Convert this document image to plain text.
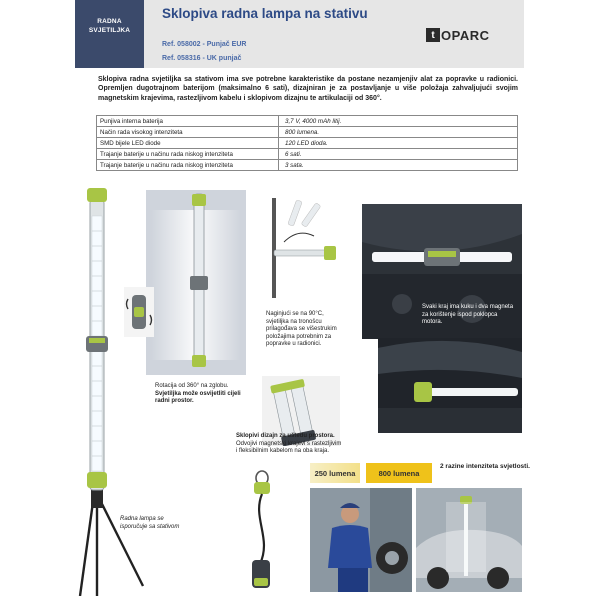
RADNA
SVJETILJKA
Sklopiva radna lampa na stativu
Ref. 058002 - Punjač EUR
Ref. 058316 - UK punjač
t OPARC

Sklopiva radna svjetiljka sa stativom ima sve potrebne karakteristike da postane nezamjenjiv alat za popravke u radionici. Opremljen dugotrajnom baterijom (maksimalno 6 sati), dizajniran je za postavljanje u više položaja zahvaljujući svojim magnetskim krajevima, rastezljivom kabelu i sklopivom dizajnu te artikulaciji od 360°.

Punjiva interna baterija	3,7 V, 4000 mAh litij.
Način rada visokog intenziteta	800 lumena.
SMD bijele LED diode	120 LED dioda.
Trajanje baterije u načinu rada niskog intenziteta	6 sati.
Trajanje baterije u načinu rada niskog intenziteta	3 sata.
Rotacija od 360° na zglobu. Svjetiljka može osvijetliti cijeli radni prostor.
Naginjući se na 90°C, svjetiljka na tronošcu prilagođava se višestrukim položajima potrebnim za popravke u radionici.
Svaki kraj ima kuku i dva magneta za korištenje ispod poklopca motora.
Sklopivi dizajn za uštedu prostora. Odvojivi magnetski krajevi s rastezljivim i fleksibilnim kabelom na oba kraja.
Radna lampa se isporučuje sa stativom
250 lumena	800 lumena
2 razine intenziteta svjetlosti.
